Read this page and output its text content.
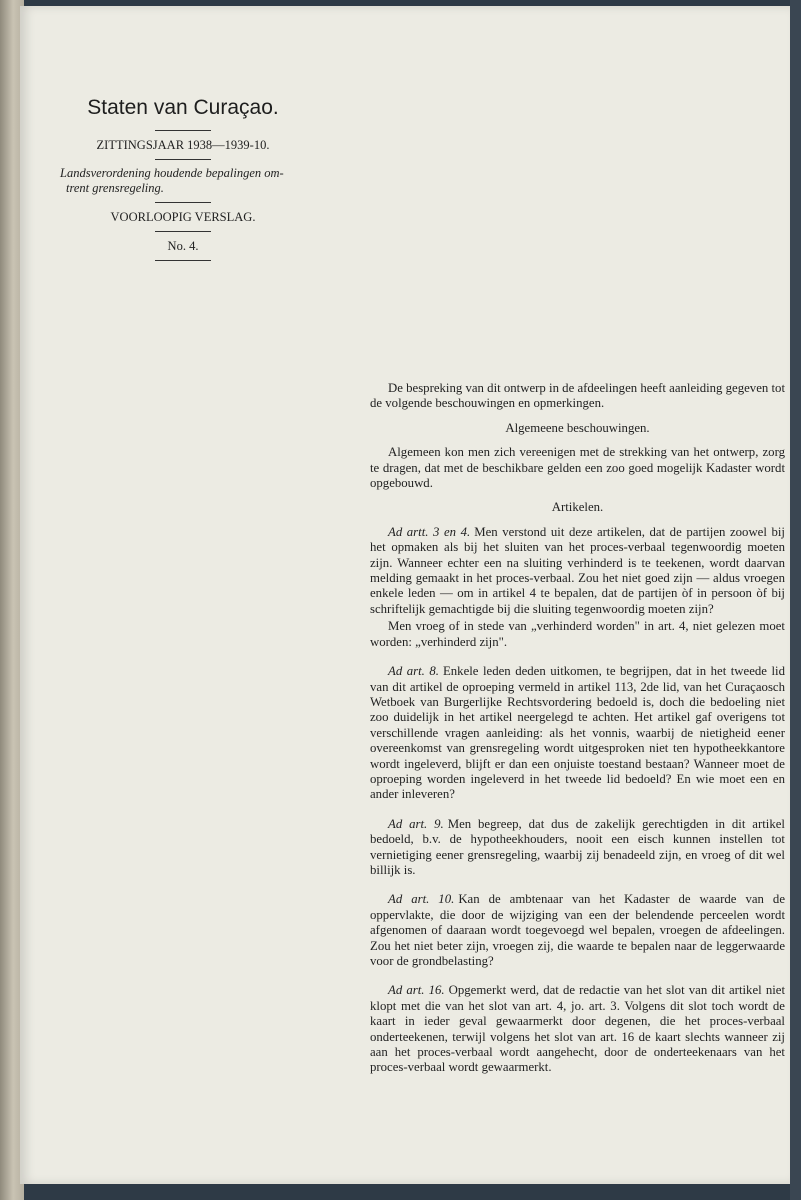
Staten van Curaçao.
ZITTINGSJAAR 1938—1939-10.
Landsverordening houdende bepalingen om-
trent grensregeling.
VOORLOOPIG VERSLAG.
No. 4.

De bespreking van dit ontwerp in de afdeelingen heeft aanleiding gegeven tot de volgende beschouwingen en opmerkingen.

Algemeene beschouwingen.

Algemeen kon men zich vereenigen met de strekking van het ontwerp, zorg te dragen, dat met de beschikbare gelden een zoo goed mogelijk Kadaster wordt opgebouwd.

Artikelen.

Ad artt. 3 en 4. Men verstond uit deze artikelen, dat de partijen zoowel bij het opmaken als bij het sluiten van het proces-verbaal tegenwoordig moeten zijn. Wanneer echter een na sluiting verhinderd is te teekenen, wordt daarvan melding gemaakt in het proces-verbaal. Zou het niet goed zijn — aldus vroegen enkele leden — om in artikel 4 te bepalen, dat de partijen òf in persoon òf bij schriftelijk gemachtigde bij die sluiting tegenwoordig moeten zijn?

Men vroeg of in stede van „verhinderd worden" in art. 4, niet gelezen moet worden: „verhinderd zijn".

Ad art. 8. Enkele leden deden uitkomen, te begrijpen, dat in het tweede lid van dit artikel de oproeping vermeld in artikel 113, 2de lid, van het Curaçaosch Wetboek van Burgerlijke Rechtsvordering bedoeld is, doch die bedoeling niet zoo duidelijk in het artikel neergelegd te achten. Het artikel gaf overigens tot verschillende vragen aanleiding: als het vonnis, waarbij de nietigheid eener overeenkomst van grensregeling wordt uitgesproken niet ten hypotheekkantore wordt ingeleverd, blijft er dan een onjuiste toestand bestaan? Wanneer moet de oproeping worden ingeleverd in het tweede lid bedoeld? En wie moet een en ander inleveren?

Ad art. 9. Men begreep, dat dus de zakelijk gerechtigden in dit artikel bedoeld, b.v. de hypotheekhouders, nooit een eisch kunnen instellen tot vernietiging eener grensregeling, waarbij zij benadeeld zijn, en vroeg of dit wel billijk is.

Ad art. 10. Kan de ambtenaar van het Kadaster de waarde van de oppervlakte, die door de wijziging van een der belendende perceelen wordt afgenomen of daaraan wordt toegevoegd wel bepalen, vroegen de afdeelingen. Zou het niet beter zijn, vroegen zij, die waarde te bepalen naar de leggerwaarde voor de grondbelasting?

Ad art. 16. Opgemerkt werd, dat de redactie van het slot van dit artikel niet klopt met die van het slot van art. 4, jo. art. 3. Volgens dit slot toch wordt de kaart in ieder geval gewaarmerkt door degenen, die het proces-verbaal onderteekenen, terwijl volgens het slot van art. 16 de kaart slechts wanneer zij aan het proces-verbaal wordt aangehecht, door de onderteekenaars van het proces-verbaal wordt gewaarmerkt.
